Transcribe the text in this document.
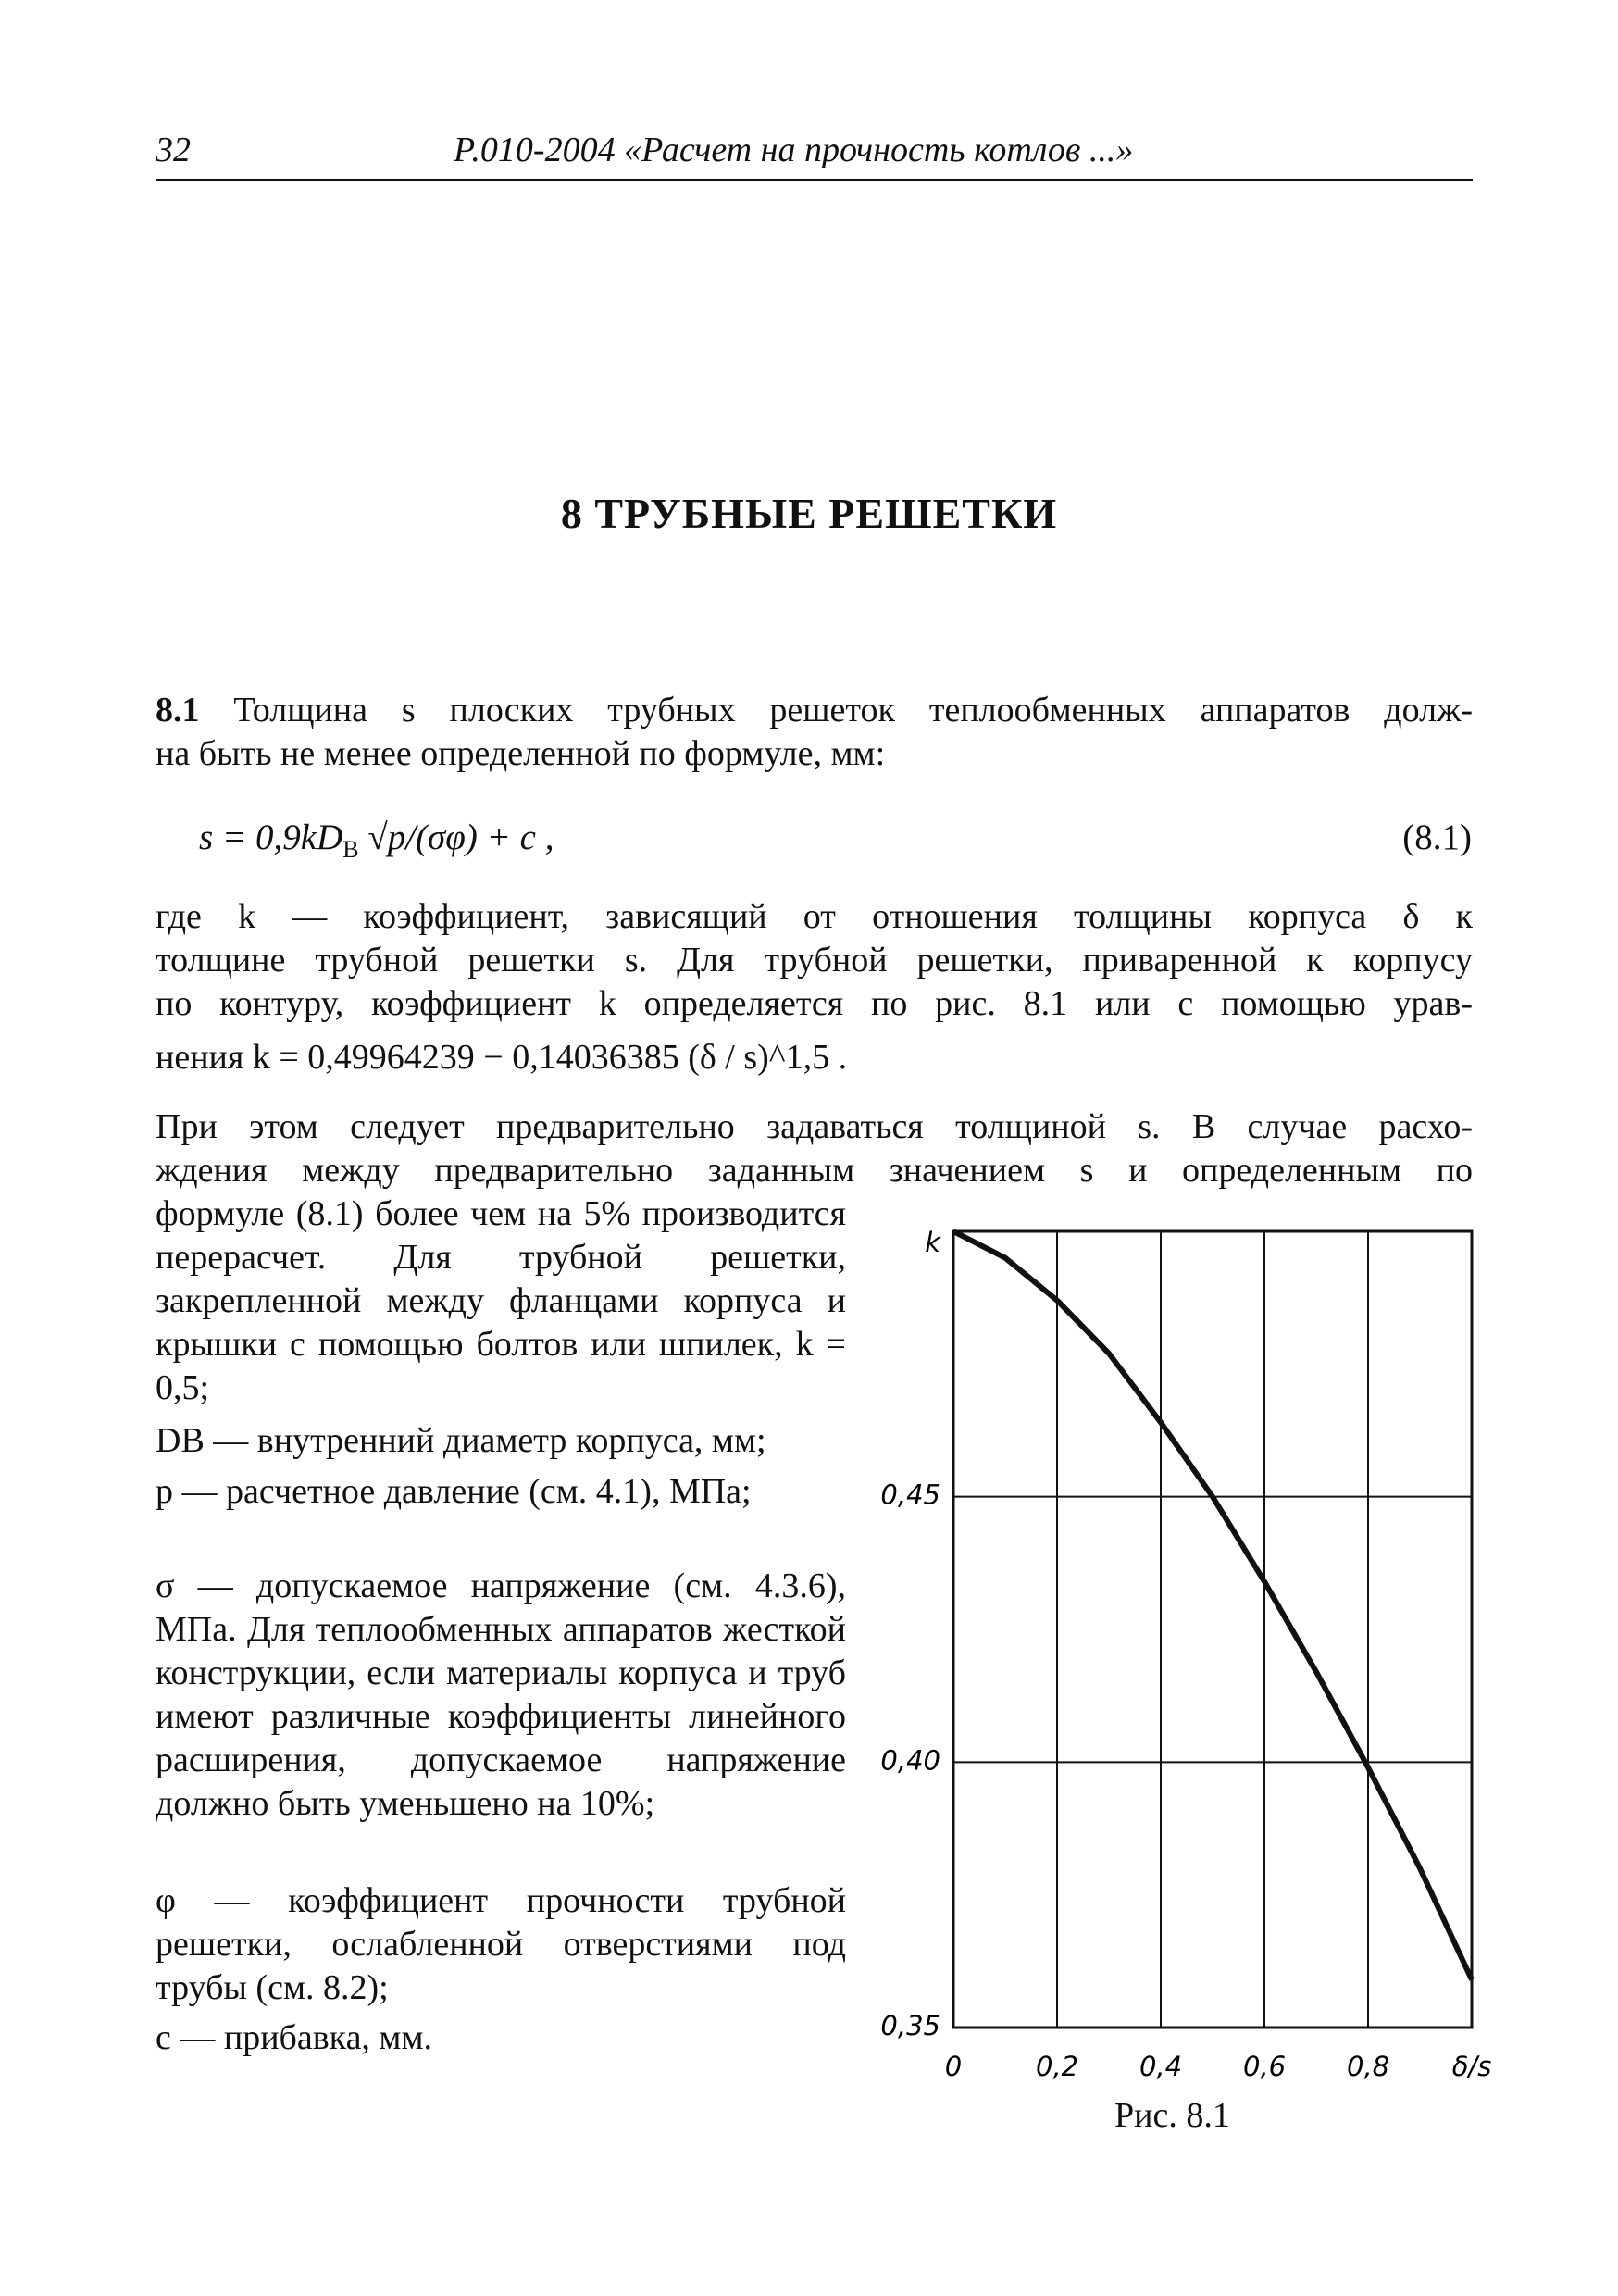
32	Р.010-2004 «Расчет на прочность котлов ...»
8 ТРУБНЫЕ РЕШЕТКИ
8.1 Толщина s плоских трубных решеток теплообменных аппаратов долж-
на быть не менее определенной по формуле, мм:
$s = 0,9kD_В$ √p/(σφ) + c ,	(8.1)
где k — коэффициент, зависящий от отношения толщины корпуса δ к
толщине трубной решетки s. Для трубной решетки, приваренной к корпусу
по контуру, коэффициент k определяется по рис. 8.1 или с помощью урав-
нения k = 0,49964239 − 0,14036385 (δ / s)^1,5 .
При этом следует предварительно задаваться толщиной s. В случае расхо-
ждения между предварительно заданным значением s и определенным по
формуле (8.1) более чем на 5% производится перерасчет. Для трубной решетки, закрепленной между фланцами корпуса и крышки с помощью болтов или шпилек, k = 0,5;
DВ — внутренний диаметр корпуса, мм;
p — расчетное давление (см. 4.1), МПа;
σ — допускаемое напряжение (см. 4.3.6), МПа. Для теплообменных аппаратов жесткой конструкции, если материалы корпуса и труб имеют различные коэффициенты линейного расширения, допускаемое напряжение должно быть уменьшено на 10%;
φ — коэффициент прочности трубной решетки, ослабленной отверстиями под трубы (см. 8.2);
c — прибавка, мм.
0	0,2 0,4 0,6 0,8 δ/s
0,35
0,40
0,45
k
Рис. 8.1
